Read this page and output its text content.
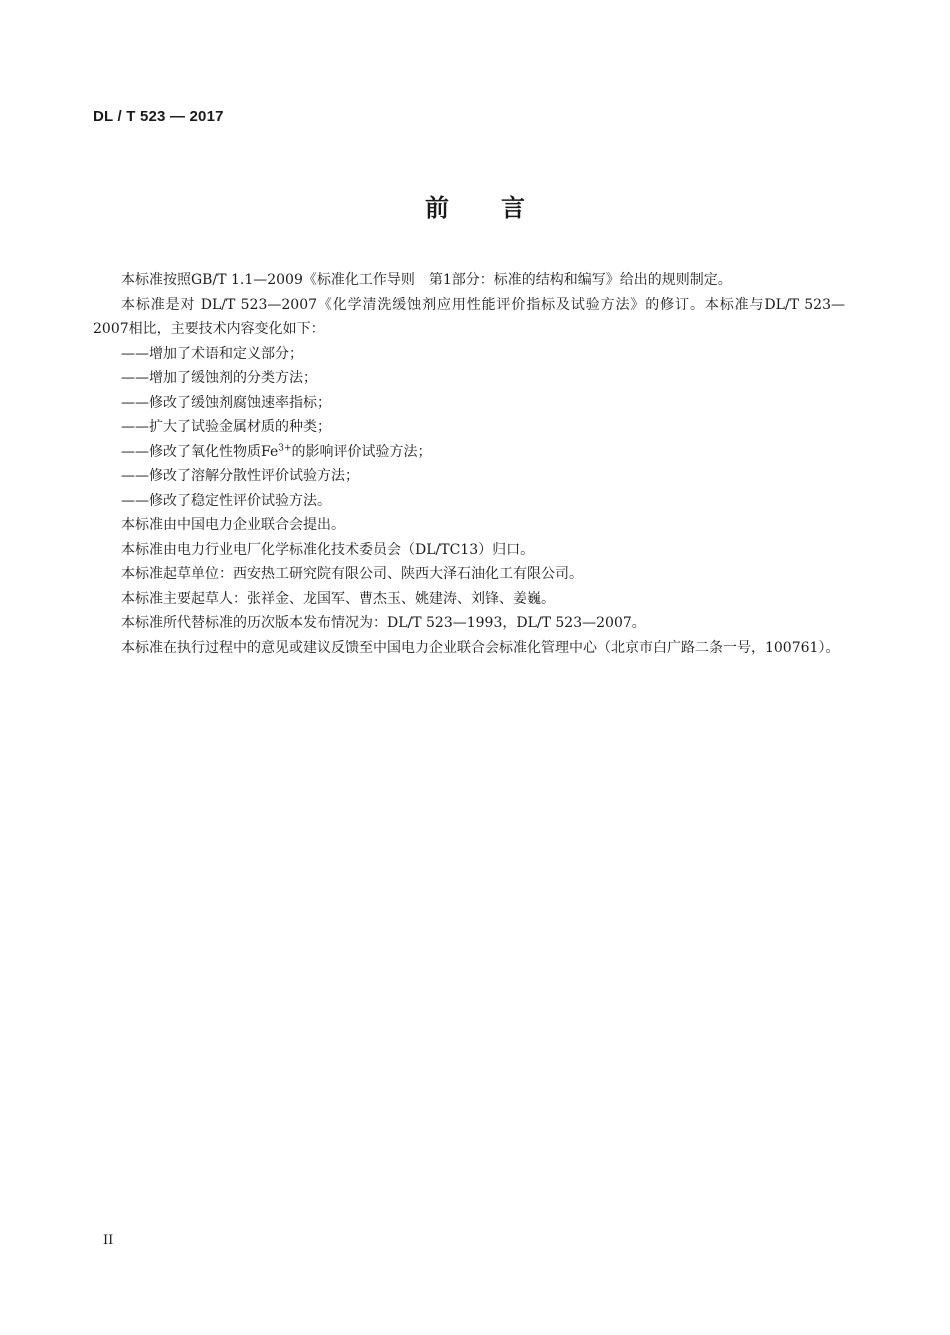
DL / T 523 — 2017
前言

本标准按照GB/T 1.1—2009《标准化工作导则　第1部分：标准的结构和编写》给出的规则制定。

本标准是对 DL/T 523—2007《化学清洗缓蚀剂应用性能评价指标及试验方法》的修订。本标准与DL/T 523—2007相比，主要技术内容变化如下：

——增加了术语和定义部分；

——增加了缓蚀剂的分类方法；

——修改了缓蚀剂腐蚀速率指标；

——扩大了试验金属材质的种类；

——修改了氧化性物质$Fe^{3+}$的影响评价试验方法；

——修改了溶解分散性评价试验方法；

——修改了稳定性评价试验方法。

本标准由中国电力企业联合会提出。

本标准由电力行业电厂化学标准化技术委员会（DL/TC13）归口。

本标准起草单位：西安热工研究院有限公司、陕西大泽石油化工有限公司。

本标准主要起草人：张祥金、龙国军、曹杰玉、姚建涛、刘锋、姜巍。

本标准所代替标准的历次版本发布情况为：DL/T 523—1993，DL/T 523—2007。

本标准在执行过程中的意见或建议反馈至中国电力企业联合会标准化管理中心（北京市白广路二条一号，100761）。

II
